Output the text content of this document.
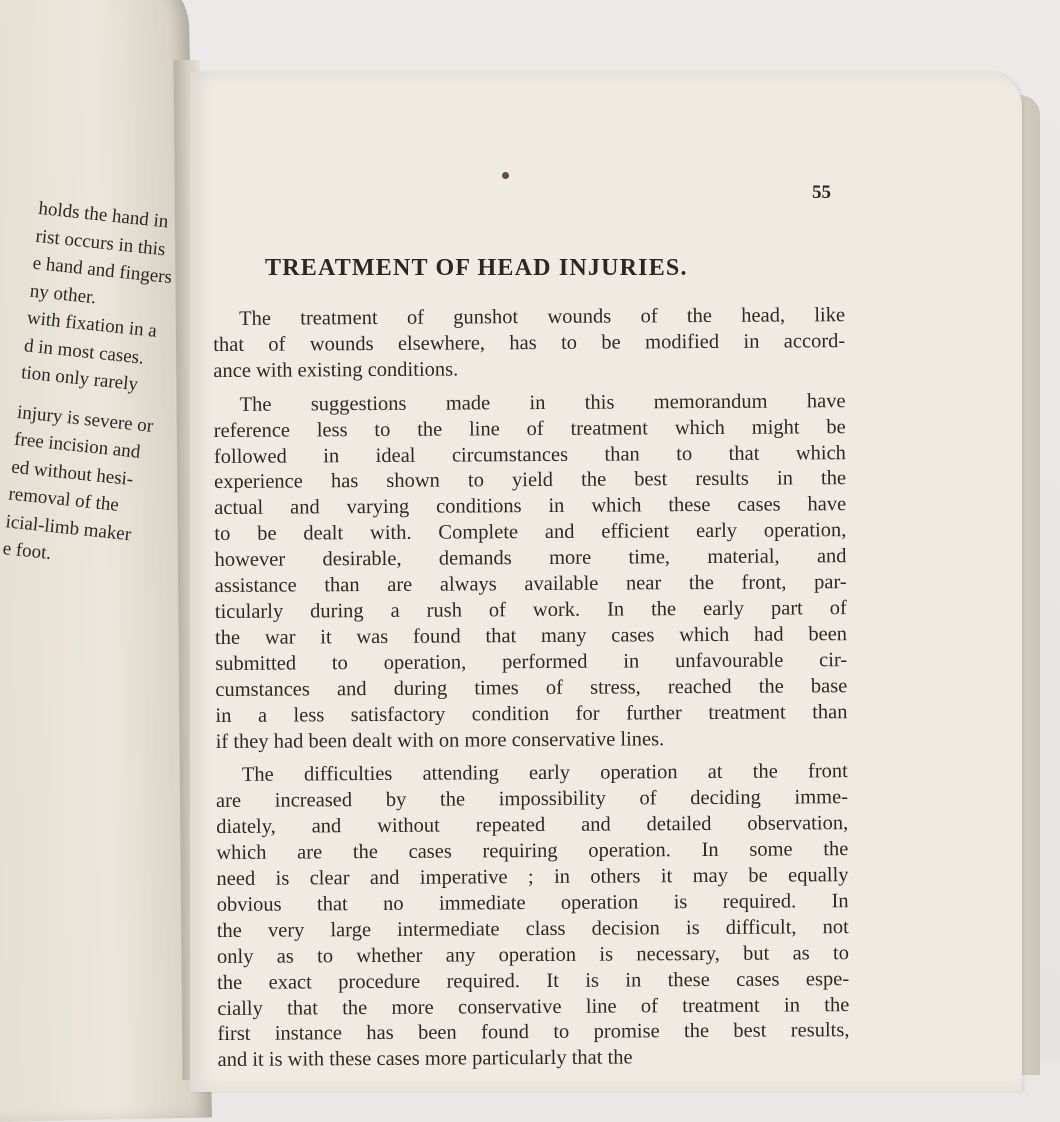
holds the hand in
rist occurs in this
e hand and fingers
ny other.
with fixation in a
d in most cases.
tion only rarely
injury is severe or
free incision and
ed without hesi-
removal of the
icial-limb maker
e foot.
55
TREATMENT OF HEAD INJURIES.
The treatment of gunshot wounds of the head, like
that of wounds elsewhere, has to be modified in accord-
ance with existing conditions.
The suggestions made in this memorandum have
reference less to the line of treatment which might be
followed in ideal circumstances than to that which
experience has shown to yield the best results in the
actual and varying conditions in which these cases have
to be dealt with. Complete and efficient early operation,
however desirable, demands more time, material, and
assistance than are always available near the front, par-
ticularly during a rush of work. In the early part of
the war it was found that many cases which had been
submitted to operation, performed in unfavourable cir-
cumstances and during times of stress, reached the base
in a less satisfactory condition for further treatment than
if they had been dealt with on more conservative lines.
The difficulties attending early operation at the front
are increased by the impossibility of deciding imme-
diately, and without repeated and detailed observation,
which are the cases requiring operation. In some the
need is clear and imperative ; in others it may be equally
obvious that no immediate operation is required. In
the very large intermediate class decision is difficult, not
only as to whether any operation is necessary, but as to
the exact procedure required. It is in these cases espe-
cially that the more conservative line of treatment in the
first instance has been found to promise the best results,
and it is with these cases more particularly that the
